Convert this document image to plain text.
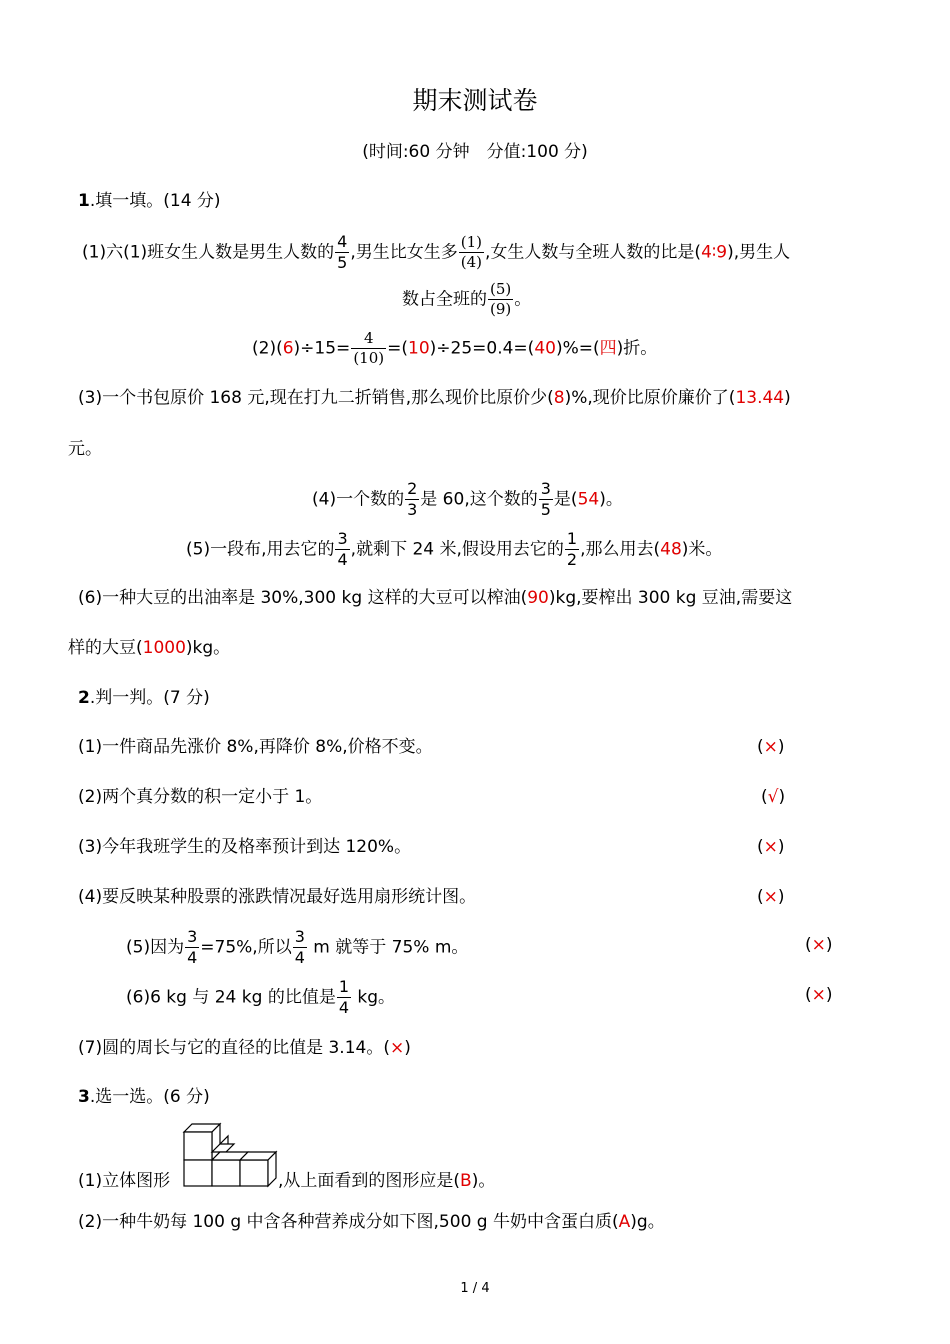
期末测试卷
(时间:60 分钟　分值:100 分)
1.填一填。(14 分)
(1)六(1)班女生人数是男生人数的 $\frac{4}{5}$ ,男生比女生多 $\frac{(1)}{(4)}$ ,女生人数与全班人数的比是(4∶9),男生人
数占全班的 $\frac{(5)}{(9)}$ 。
$(2)(6)\div 15= \frac{4}{(10)} =(10)\div 25=0.4=(40)\%=$(四)折。
(3)一个书包原价 168 元,现在打九二折销售,那么现价比原价少(8)%,现价比原价廉价了(13.44)
元。
(4)一个数的 $\frac{2}{3}$ 是 60,这个数的 $\frac{3}{5}$ 是(54)。
(5)一段布,用去它的 $\frac{3}{4}$ ,就剩下 24 米,假设用去它的 $\frac{1}{2}$ ,那么用去(48)米。
(6)一种大豆的出油率是 30%,300 kg 这样的大豆可以榨油(90)kg,要榨出 300 kg 豆油,需要这
样的大豆(1000)kg。
2.判一判。(7 分)
(1)一件商品先涨价 8%,再降价 8%,价格不变。	(×)
(2)两个真分数的积一定小于 1。	(√)
(3)今年我班学生的及格率预计到达 120%。	(×)
(4)要反映某种股票的涨跌情况最好选用扇形统计图。	(×)
(5)因为 $\frac{3}{4} =75\%$,所以 $\frac{3}{4}$ m 就等于 75% m。	(×)
(6)6 kg 与 24 kg 的比值是 $\frac{1}{4}$ kg。	(×)
(7)圆的周长与它的直径的比值是 3.14。(×)
3.选一选。(6 分)
(1)立体图形	,从上面看到的图形应是(B)。
(2)一种牛奶每 100 g 中含各种营养成分如下图,500 g 牛奶中含蛋白质(A)g。
1 / 4
